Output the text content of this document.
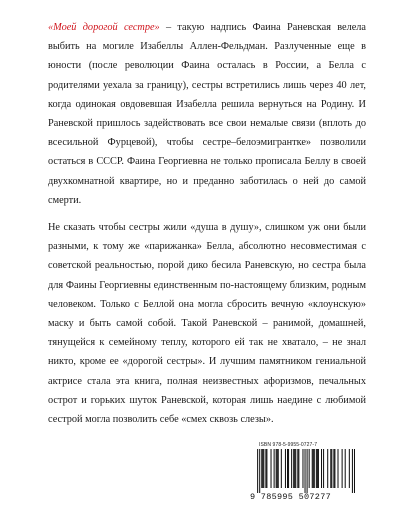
«Моей дорогой сестре» – такую надпись Фаина Раневская велела выбить на могиле Изабеллы Аллен-Фельдман. Разлученные еще в юности (после революции Фаина осталась в России, а Белла с родителями уехала за границу), сестры встретились лишь через 40 лет, когда одинокая овдовевшая Изабелла решила вернуться на Родину. И Раневской пришлось задействовать все свои немалые связи (вплоть до всесильной Фурцевой), чтобы сестре–белоэмигрантке» позволили остаться в СССР. Фаина Георгиевна не только прописала Беллу в своей двухкомнатной квартире, но и преданно заботилась о ней до самой смерти.

Не сказать чтобы сестры жили «душа в душу», слишком уж они были разными, к тому же «парижанка» Белла, абсолютно несовместимая с советской реальностью, порой дико бесила Раневскую, но сестра была для Фаины Георгиевны единственным по-настоящему близким, родным человеком. Только с Беллой она могла сбросить вечную «клоунскую» маску и быть самой собой. Такой Раневской – ранимой, домашней, тянущейся к семейному теплу, которого ей так не хватало, – не знал никто, кроме ее «дорогой сестры». И лучшим памятником гениальной актрисе стала эта книга, полная неизвестных афоризмов, печальных острот и горьких шуток Раневской, которая лишь наедине с любимой сестрой могла позволить себе «смех сквозь слезы».

ISBN 978-5-9955-0727-7
9 785995 507277
